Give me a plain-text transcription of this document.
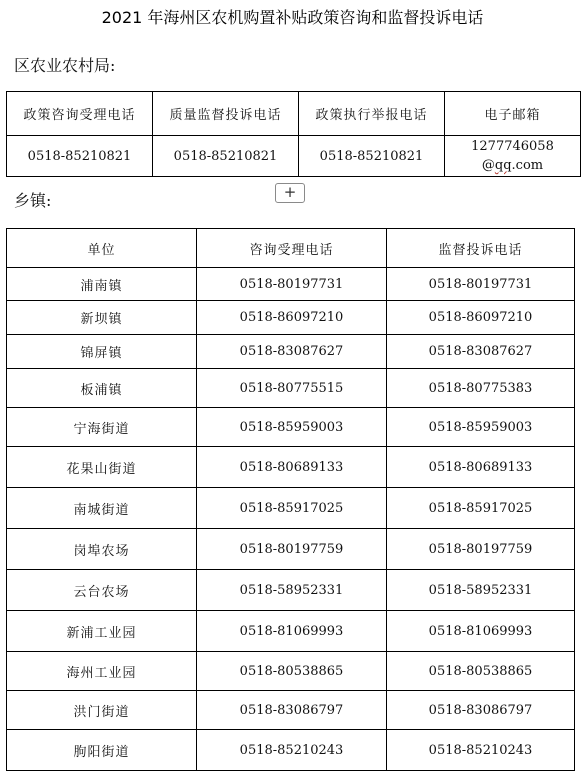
2021 年海州区农机购置补贴政策咨询和监督投诉电话
区农业农村局:
政策咨询受理电话	质量监督投诉电话	政策执行举报电话	电子邮箱
0518-85210821	0518-85210821	0518-85210821	1277746058
@qq.com
+
乡镇:
单位	咨询受理电话	监督投诉电话
浦南镇	0518-80197731	0518-80197731
新坝镇	0518-86097210	0518-86097210
锦屏镇	0518-83087627	0518-83087627
板浦镇	0518-80775515	0518-80775383
宁海街道	0518-85959003	0518-85959003
花果山街道	0518-80689133	0518-80689133
南城街道	0518-85917025	0518-85917025
岗埠农场	0518-80197759	0518-80197759
云台农场	0518-58952331	0518-58952331
新浦工业园	0518-81069993	0518-81069993
海州工业园	0518-80538865	0518-80538865
洪门街道	0518-83086797	0518-83086797
朐阳街道	0518-85210243	0518-85210243
